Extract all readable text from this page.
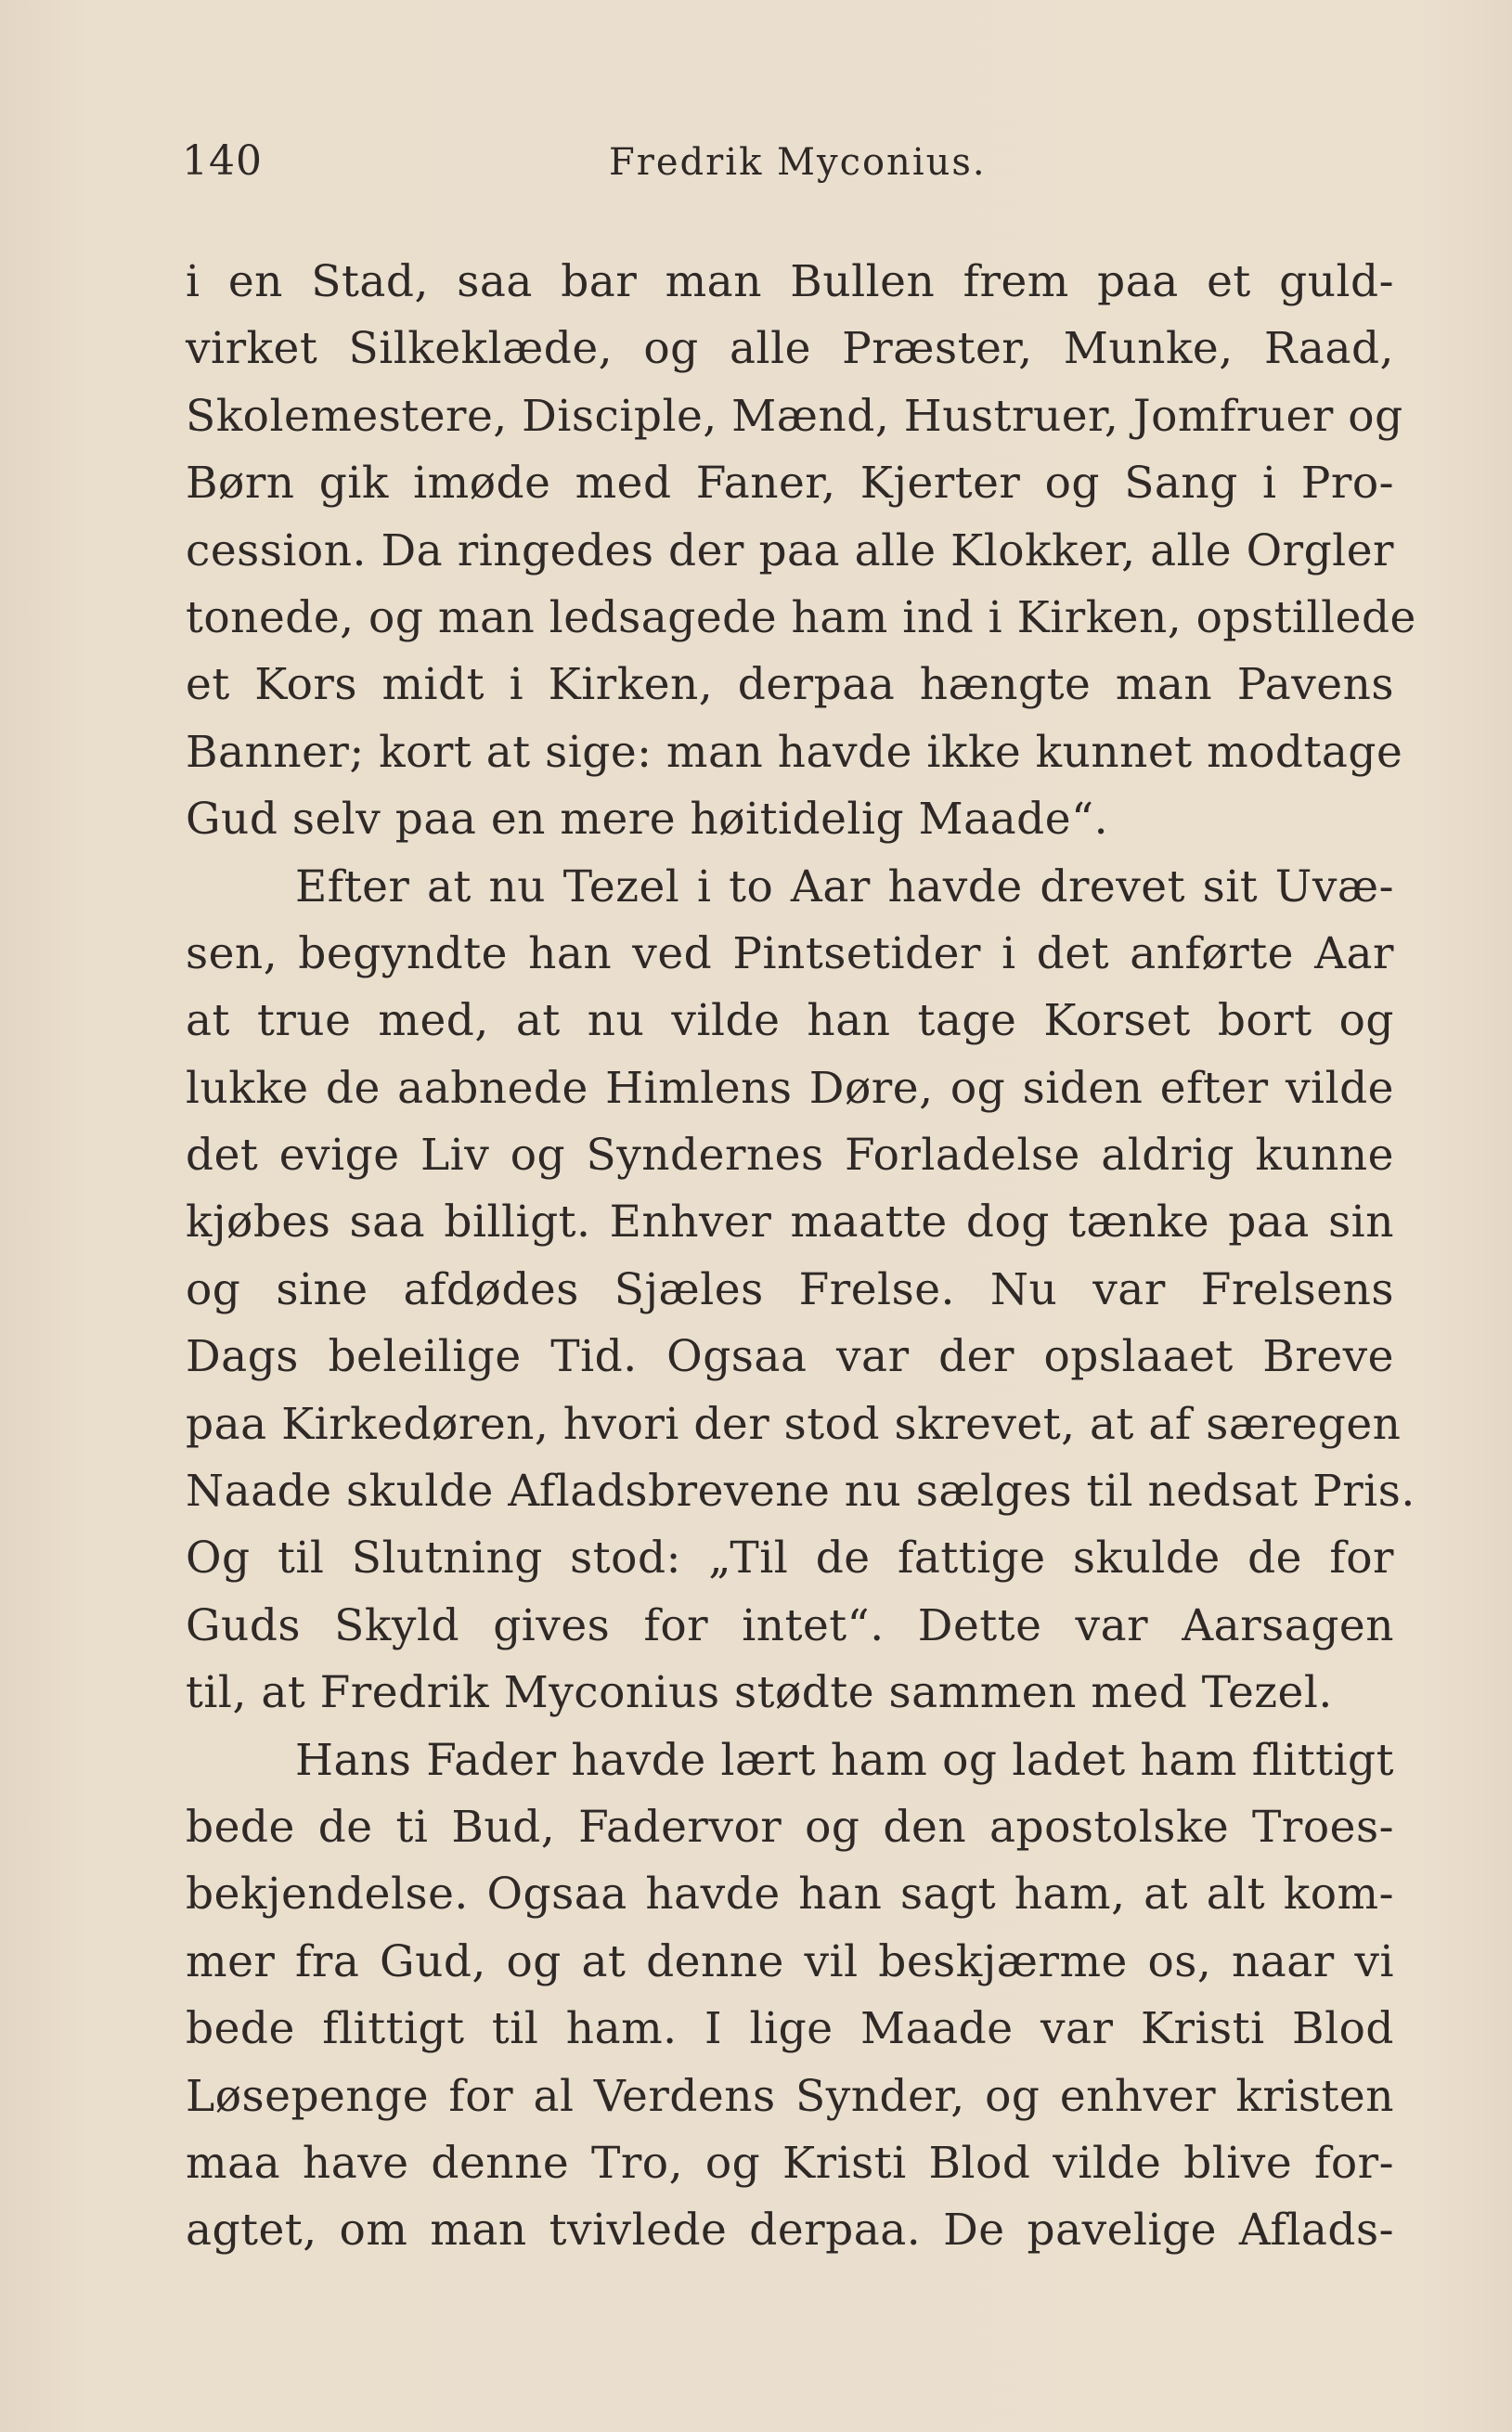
140	Fredrik Myconius.
i en Stad, saa bar man Bullen frem paa et guld-
virket Silkeklæde, og alle Præster, Munke, Raad,
Skolemestere, Disciple, Mænd, Hustruer, Jomfruer og
Børn gik imøde med Faner, Kjerter og Sang i Pro-
cession. Da ringedes der paa alle Klokker, alle Orgler
tonede, og man ledsagede ham ind i Kirken, opstillede
et Kors midt i Kirken, derpaa hængte man Pavens
Banner; kort at sige: man havde ikke kunnet modtage
Gud selv paa en mere høitidelig Maade“.
Efter at nu Tezel i to Aar havde drevet sit Uvæ-
sen, begyndte han ved Pintsetider i det anførte Aar
at true med, at nu vilde han tage Korset bort og
lukke de aabnede Himlens Døre, og siden efter vilde
det evige Liv og Syndernes Forladelse aldrig kunne
kjøbes saa billigt. Enhver maatte dog tænke paa sin
og sine afdødes Sjæles Frelse. Nu var Frelsens
Dags beleilige Tid. Ogsaa var der opslaaet Breve
paa Kirkedøren, hvori der stod skrevet, at af særegen
Naade skulde Afladsbrevene nu sælges til nedsat Pris.
Og til Slutning stod: „Til de fattige skulde de for
Guds Skyld gives for intet“. Dette var Aarsagen
til, at Fredrik Myconius stødte sammen med Tezel.
Hans Fader havde lært ham og ladet ham flittigt
bede de ti Bud, Fadervor og den apostolske Troes-
bekjendelse. Ogsaa havde han sagt ham, at alt kom-
mer fra Gud, og at denne vil beskjærme os, naar vi
bede flittigt til ham. I lige Maade var Kristi Blod
Løsepenge for al Verdens Synder, og enhver kristen
maa have denne Tro, og Kristi Blod vilde blive for-
agtet, om man tvivlede derpaa. De pavelige Aflads-
